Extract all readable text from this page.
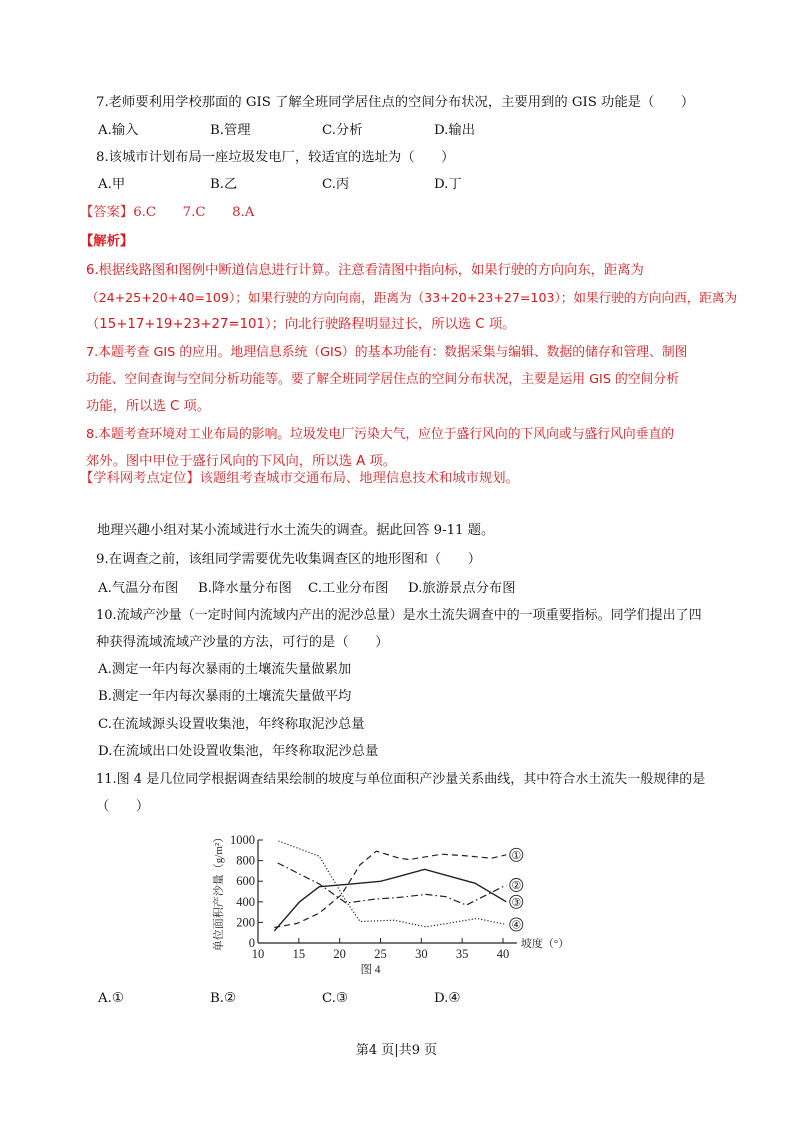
7.老师要利用学校那面的 GIS 了解全班同学居住点的空间分布状况，主要用到的 GIS 功能是（　　）
A.输入	B.管理	C.分析	D.输出
8.该城市计划布局一座垃圾发电厂，较适宜的选址为（　　）
A.甲	B.乙	C.丙	D.丁
【答案】6.C　　7.C　　8.A
【解析】
6.根据线路图和图例中断道信息进行计算。注意看清图中指向标，如果行驶的方向向东，距离为
（24+25+20+40=109）；如果行驶的方向向南，距离为（33+20+23+27=103）；如果行驶的方向向西，距离为
（15+17+19+23+27=101）；向北行驶路程明显过长，所以选 C 项。
7.本题考查 GIS 的应用。地理信息系统（GIS）的基本功能有：数据采集与编辑、数据的储存和管理、制图
功能、空间查询与空间分析功能等。要了解全班同学居住点的空间分布状况，主要是运用 GIS 的空间分析
功能，所以选 C 项。
8.本题考查环境对工业布局的影响。垃圾发电厂污染大气，应位于盛行风向的下风向或与盛行风向垂直的
郊外。图中甲位于盛行风向的下风向，所以选 A 项。
【学科网考点定位】该题组考查城市交通布局、地理信息技术和城市规划。
地理兴趣小组对某小流域进行水土流失的调查。据此回答 9-11 题。
9.在调查之前，该组同学需要优先收集调查区的地形图和（　　）
A.气温分布图 B.降水量分布图 C.工业分布图 D.旅游景点分布图
10.流域产沙量（一定时间内流域内产出的泥沙总量）是水土流失调查中的一项重要指标。同学们提出了四
种获得流域流域产沙量的方法，可行的是（　　）
A.测定一年内每次暴雨的土壤流失量做累加
B.测定一年内每次暴雨的土壤流失量做平均
C.在流域源头设置收集池，年终称取泥沙总量
D.在流域出口处设置收集池，年终称取泥沙总量
11.图 4 是几位同学根据调查结果绘制的坡度与单位面积产沙量关系曲线，其中符合水土流失一般规律的是
（　　）
0
200
400
600
800
1000
10 15 20 25 30 35 40
坡度（°）
单位面积产沙量（g/m²）
图 4
①
②
③
④
A.①	B.②	C.③	D.④
第4 页|共9 页
